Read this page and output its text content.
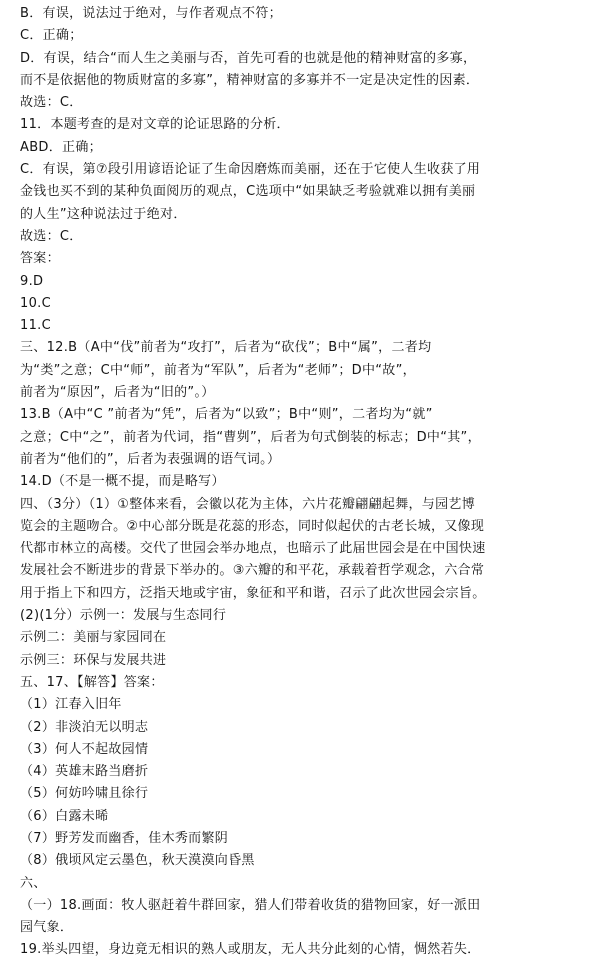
B．有误，说法过于绝对，与作者观点不符；
C．正确；
D．有误，结合“而人生之美丽与否，首先可看的也就是他的精神财富的多寡，
而不是依据他的物质财富的多寡”，精神财富的多寡并不一定是决定性的因素．
故选：C．
11．本题考查的是对文章的论证思路的分析．
ABD．正确；
C．有误，第⑦段引用谚语论证了生命因磨炼而美丽，还在于它使人生收获了用
金钱也买不到的某种负面阅历的观点，C选项中“如果缺乏考验就难以拥有美丽
的人生”这种说法过于绝对．
故选：C．
答案：
9.D
10.C
11.C
三、12.B（A中“伐”前者为“攻打”，后者为“砍伐”；B中“属”，二者均
为“类”之意；C中“师”，前者为“军队”，后者为“老师”；D中“故”，
前者为“原因”，后者为“旧的”。）
13.B（A中“C ”前者为“凭”，后者为“以致”；B中“则”，二者均为“就”
之意；C中“之”，前者为代词，指“曹刿”，后者为句式倒装的标志；D中“其”，
前者为“他们的”，后者为表强调的语气词。）
14.D（不是一概不提，而是略写）
四、（3分）（1）①整体来看，会徽以花为主体，六片花瓣翩翩起舞，与园艺博
览会的主题吻合。②中心部分既是花蕊的形态，同时似起伏的古老长城，又像现
代都市林立的高楼。交代了世园会举办地点，也暗示了此届世园会是在中国快速
发展社会不断进步的背景下举办的。③六瓣的和平花，承载着哲学观念，六合常
用于指上下和四方，泛指天地或宇宙，象征和平和谐，召示了此次世园会宗旨。
(2)(1分）示例一：发展与生态同行
示例二：美丽与家园同在
示例三：环保与发展共进
五、17、【解答】答案：
（1）江春入旧年
（2）非淡泊无以明志
（3）何人不起故园情
（4）英雄末路当磨折
（5）何妨吟啸且徐行
（6）白露未晞
（7）野芳发而幽香，佳木秀而繁阴
（8）俄顷风定云墨色，秋天漠漠向昏黑
六、
（一）18.画面：牧人驱赶着牛群回家，猎人们带着收货的猎物回家，好一派田
园气象．
19.举头四望，身边竟无相识的熟人或朋友，无人共分此刻的心情，惆然若失．
